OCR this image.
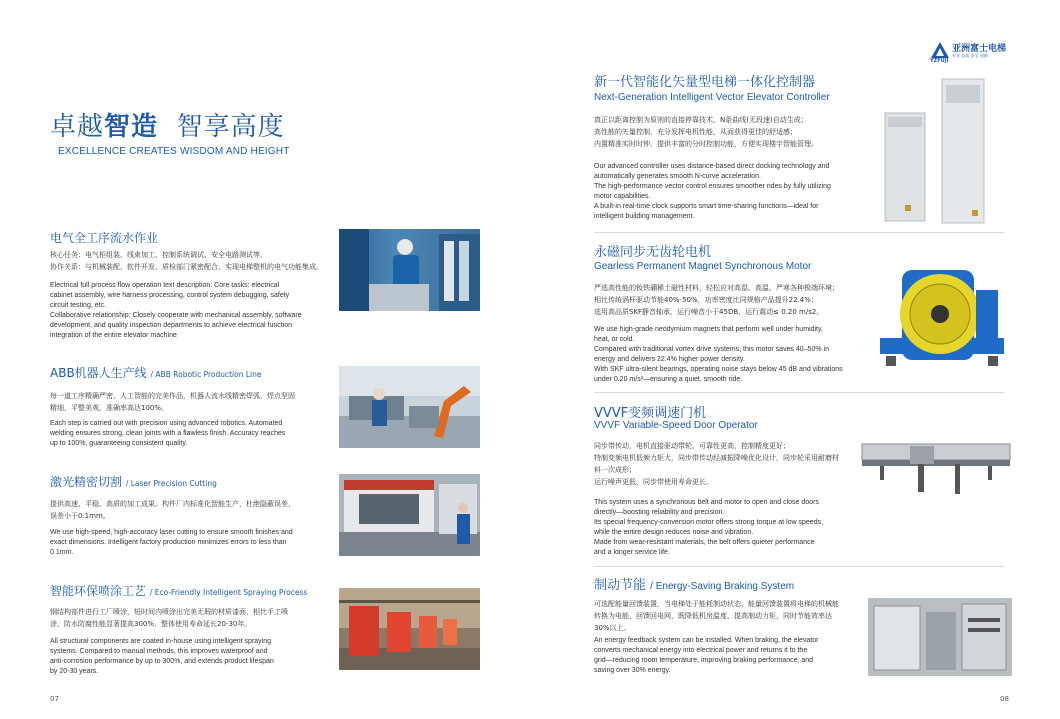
卓越智造 智享高度
EXCELLENCE CREATES WISDOM AND HEIGHT
电气全工序流水作业
核心任务：电气柜组装、线束加工、控制系统调试、安全电路测试等。
协作关系：与机械装配、软件开发、质检部门紧密配合，实现电梯整机的电气功能集成。
Electrical full process flow operation text description: Core tasks: electrical
cabinet assembly, wire harness processing, control system debugging, safety
circuit testing, etc.
Collaborative relationship: Closely cooperate with mechanical assembly, software
development, and quality inspection departments to achieve electrical function
integration of the entire elevator machine
ABB机器人生产线 / ABB Robotic Production Line
每一道工序精确严密，人工智能的完美作品，机器人流水线精密焊弧，焊点坚固
精细，平整美观，准确率高达100%。
Each step is carried out with precision using advanced robotics. Automated
welding ensures strong, clean joints with a flawless finish. Accuracy reaches
up to 100%, guaranteeing consistent quality.
激光精密切割 / Laser Precision Cutting
提供高速、平稳、高质的加工成果。构件厂内标准化智能生产，杜绝隐蔽误差，
误差小于0.1mm。
We use high-speed, high-accuracy laser cutting to ensure smooth finishes and
exact dimensions. Intelligent factory production minimizes errors to less than
0.1mm.
智能环保喷涂工艺 / Eco-Friendly Intelligent Spraying Process
钢结构部件进行工厂喷涂，短时间内喷涂出完美无瑕的材质漆面，相比手工喷
涂，防水防腐性能显著提高300%，整体使用寿命延长20-30年。
All structural components are coated in-house using intelligent spraying
systems. Compared to manual methods, this improves waterproof and
anti-corrosion performance by up to 300%, and extends product lifespan
by 20-30 years.
07
亚洲富士电梯
专业 品质 安全 创新
YZFUJI
新一代智能化矢量型电梯一体化控制器
Next-Generation Intelligent Vector Elevator Controller
真正以距离控制为原则的直接停靠技术，N条曲线(无段速)自动生成；
高性能的矢量控制，充分发挥电机性能，从而获得更佳的舒适感；
内置精准实时时钟，提供丰富的分时控制功能，方便实现楼宇智能管理。
Our advanced controller uses distance-based direct docking technology and
automatically generates smooth N-curve acceleration.
The high-performance vector control ensures smoother rides by fully utilizing
motor capabilities.
A built-in real-time clock supports smart time-sharing functions—ideal for
intelligent building management.
永磁同步无齿轮电机
Gearless Permanent Magnet Synchronous Motor
严选高性能的钕铁硼稀土磁性材料，轻松应对高湿、高温、严寒各种极端环境；
相比传统涡杆驱动节能40%-50%，功率密度比同规格产品提升22.4%；
选用高品质SKF静音轴承，运行噪音小于45DB，运行震动≤ 0.20 m/s2。
We use high-grade neodymium magnets that perform well under humidity,
heat, or cold.
Compared with traditional vortex drive systems, this motor saves 40–50% in
energy and delivers 22.4% higher power density.
With SKF ultra-silent bearings, operating noise stays below 45 dB and vibrations
under 0.20 m/s²—ensuring a quiet, smooth ride.
VVVF变频调速门机
VVVF Variable-Speed Door Operator
同步带传动，电机直接驱动带轮，可靠性更高，控制精度更好；
特制变频电机低频力矩大，同步带传动经减振降噪优化设计，同步轮采用耐磨材
料一次成形；
运行噪声更低，同步带使用寿命更长。
This system uses a synchronous belt and motor to open and close doors
directly—boosting reliability and precision.
Its special frequency-conversion motor offers strong torque at low speeds,
while the entire design reduces noise and vibration.
Made from wear-resistant materials, the belt offers quieter performance
and a longer service life.
制动节能 / Energy-Saving Braking System
可选配能量回馈装置，当电梯处于能耗制动状态，能量回馈装置将电梯的机械能
转换为电能，回馈回电网，既降低机房温度、提高制动力矩，同时节能效率达
30%以上。
An energy feedback system can be installed. When braking, the elevator
converts mechanical energy into electrical power and returns it to the
grid—reducing room temperature, improving braking performance, and
saving over 30% energy.
08
